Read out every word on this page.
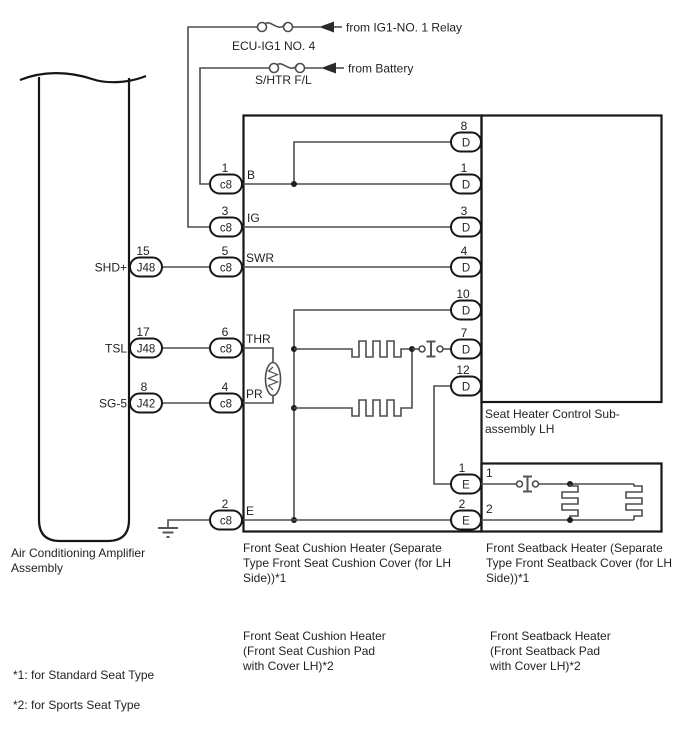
from IG1-NO. 1 Relay
ECU-IG1 NO. 4
from Battery
S/HTR F/L
Air Conditioning Amplifier
Assembly
J48
15
SHD+
J48
17
TSL
J42
8
SG-5
c8
1 B
c8
3 IG
c8
5 SWR
c8
6 THR
c8
4 PR
c8
2 E
D
8
D
1
D
3
D
4
D
10
D
7
D
12
E
1 1
E
2 2
Seat Heater Control Sub-
assembly LH
Front Seat Cushion Heater (Separate
Type Front Seat Cushion Cover (for LH
Side))*1
Front Seatback Heater (Separate
Type Front Seatback Cover (for LH
Side))*1
Front Seat Cushion Heater
(Front Seat Cushion Pad
with Cover LH)*2
Front Seatback Heater
(Front Seatback Pad
with Cover LH)*2
*1: for Standard Seat Type
*2: for Sports Seat Type
